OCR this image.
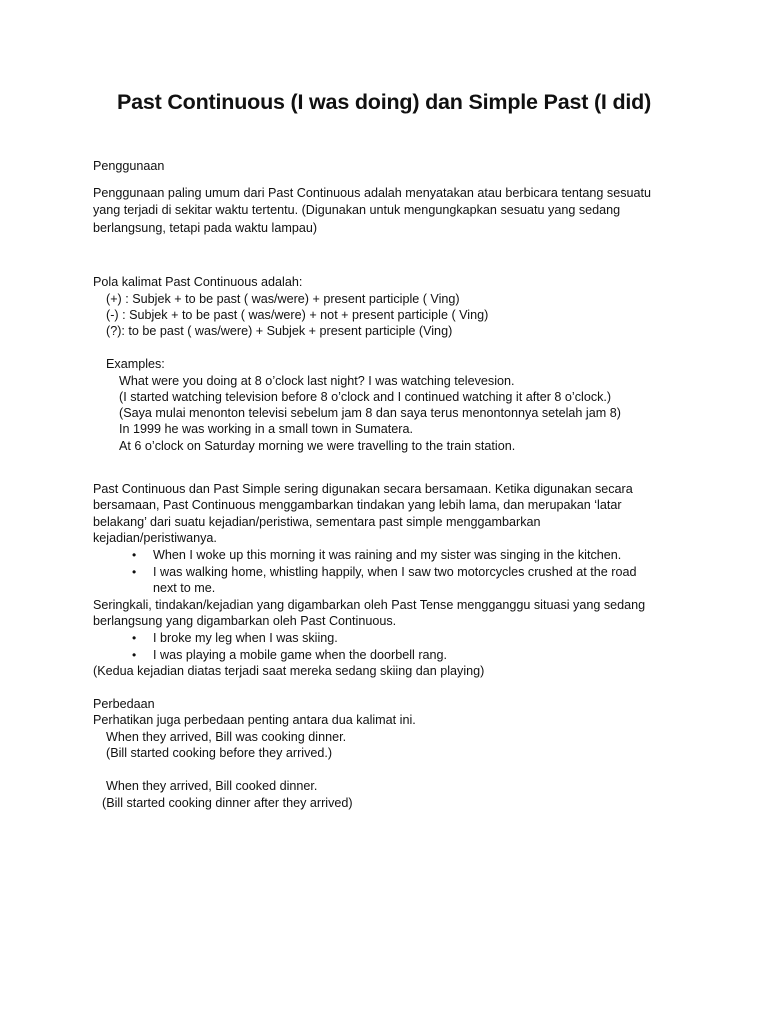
Past Continuous (I was doing) dan Simple Past (I did)
Penggunaan
Penggunaan paling umum dari Past Continuous adalah menyatakan atau berbicara tentang sesuatu
yang terjadi di sekitar waktu tertentu. (Digunakan untuk mengungkapkan sesuatu yang sedang
berlangsung, tetapi pada waktu lampau)
Pola kalimat Past Continuous adalah:
(+) : Subjek + to be past ( was/were) + present participle ( Ving)
(-) : Subjek + to be past ( was/were) + not + present participle ( Ving)
(?): to be past ( was/were) + Subjek + present participle (Ving)
Examples:
What were you doing at 8 o’clock last night? I was watching televesion.
(I started watching television before 8 o’clock and I continued watching it after 8 o’clock.)
(Saya mulai menonton televisi sebelum jam 8 dan saya terus menontonnya setelah jam 8)
In 1999 he was working in a small town in Sumatera.
At 6 o’clock on Saturday morning we were travelling to the train station.
Past Continuous dan Past Simple sering digunakan secara bersamaan. Ketika digunakan secara
bersamaan, Past Continuous menggambarkan tindakan yang lebih lama, dan merupakan ‘latar
belakang’ dari suatu kejadian/peristiwa, sementara past simple menggambarkan
kejadian/peristiwanya.
• When I woke up this morning it was raining and my sister was singing in the kitchen.
• I was walking home, whistling happily, when I saw two motorcycles crushed at the road
next to me.
Seringkali, tindakan/kejadian yang digambarkan oleh Past Tense mengganggu situasi yang sedang
berlangsung yang digambarkan oleh Past Continuous.
• I broke my leg when I was skiing.
• I was playing a mobile game when the doorbell rang.
(Kedua kejadian diatas terjadi saat mereka sedang skiing dan playing)
Perbedaan
Perhatikan juga perbedaan penting antara dua kalimat ini.
When they arrived, Bill was cooking dinner.
(Bill started cooking before they arrived.)
When they arrived, Bill cooked dinner.
(Bill started cooking dinner after they arrived)
